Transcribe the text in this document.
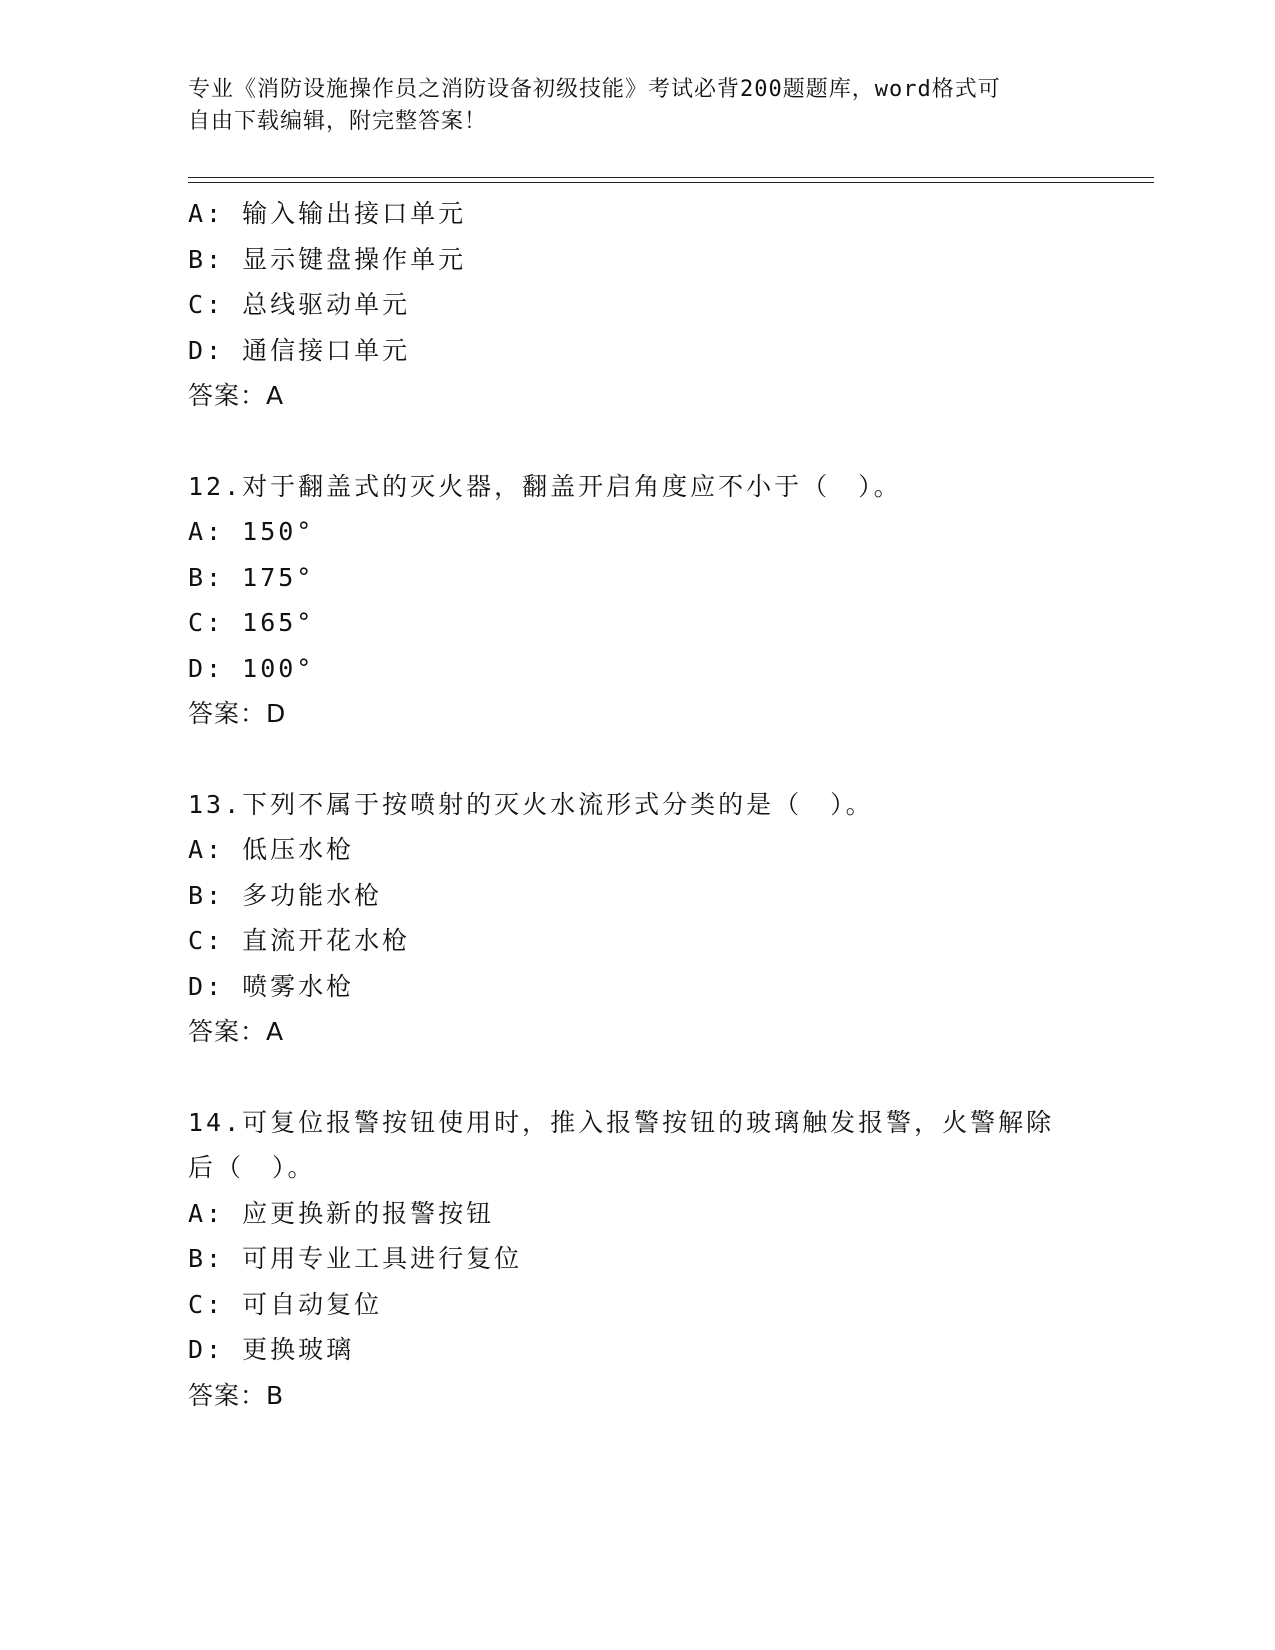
专业《消防设施操作员之消防设备初级技能》考试必背200题题库，word格式可
自由下载编辑，附完整答案！
A: 输入输出接口单元
B: 显示键盘操作单元
C: 总线驱动单元
D: 通信接口单元
答案：A
12.对于翻盖式的灭火器，翻盖开启角度应不小于（　）。
A: 150°
B: 175°
C: 165°
D: 100°
答案：D
13.下列不属于按喷射的灭火水流形式分类的是（　）。
A: 低压水枪
B: 多功能水枪
C: 直流开花水枪
D: 喷雾水枪
答案：A
14.可复位报警按钮使用时，推入报警按钮的玻璃触发报警，火警解除
后（　）。
A: 应更换新的报警按钮
B: 可用专业工具进行复位
C: 可自动复位
D: 更换玻璃
答案：B
